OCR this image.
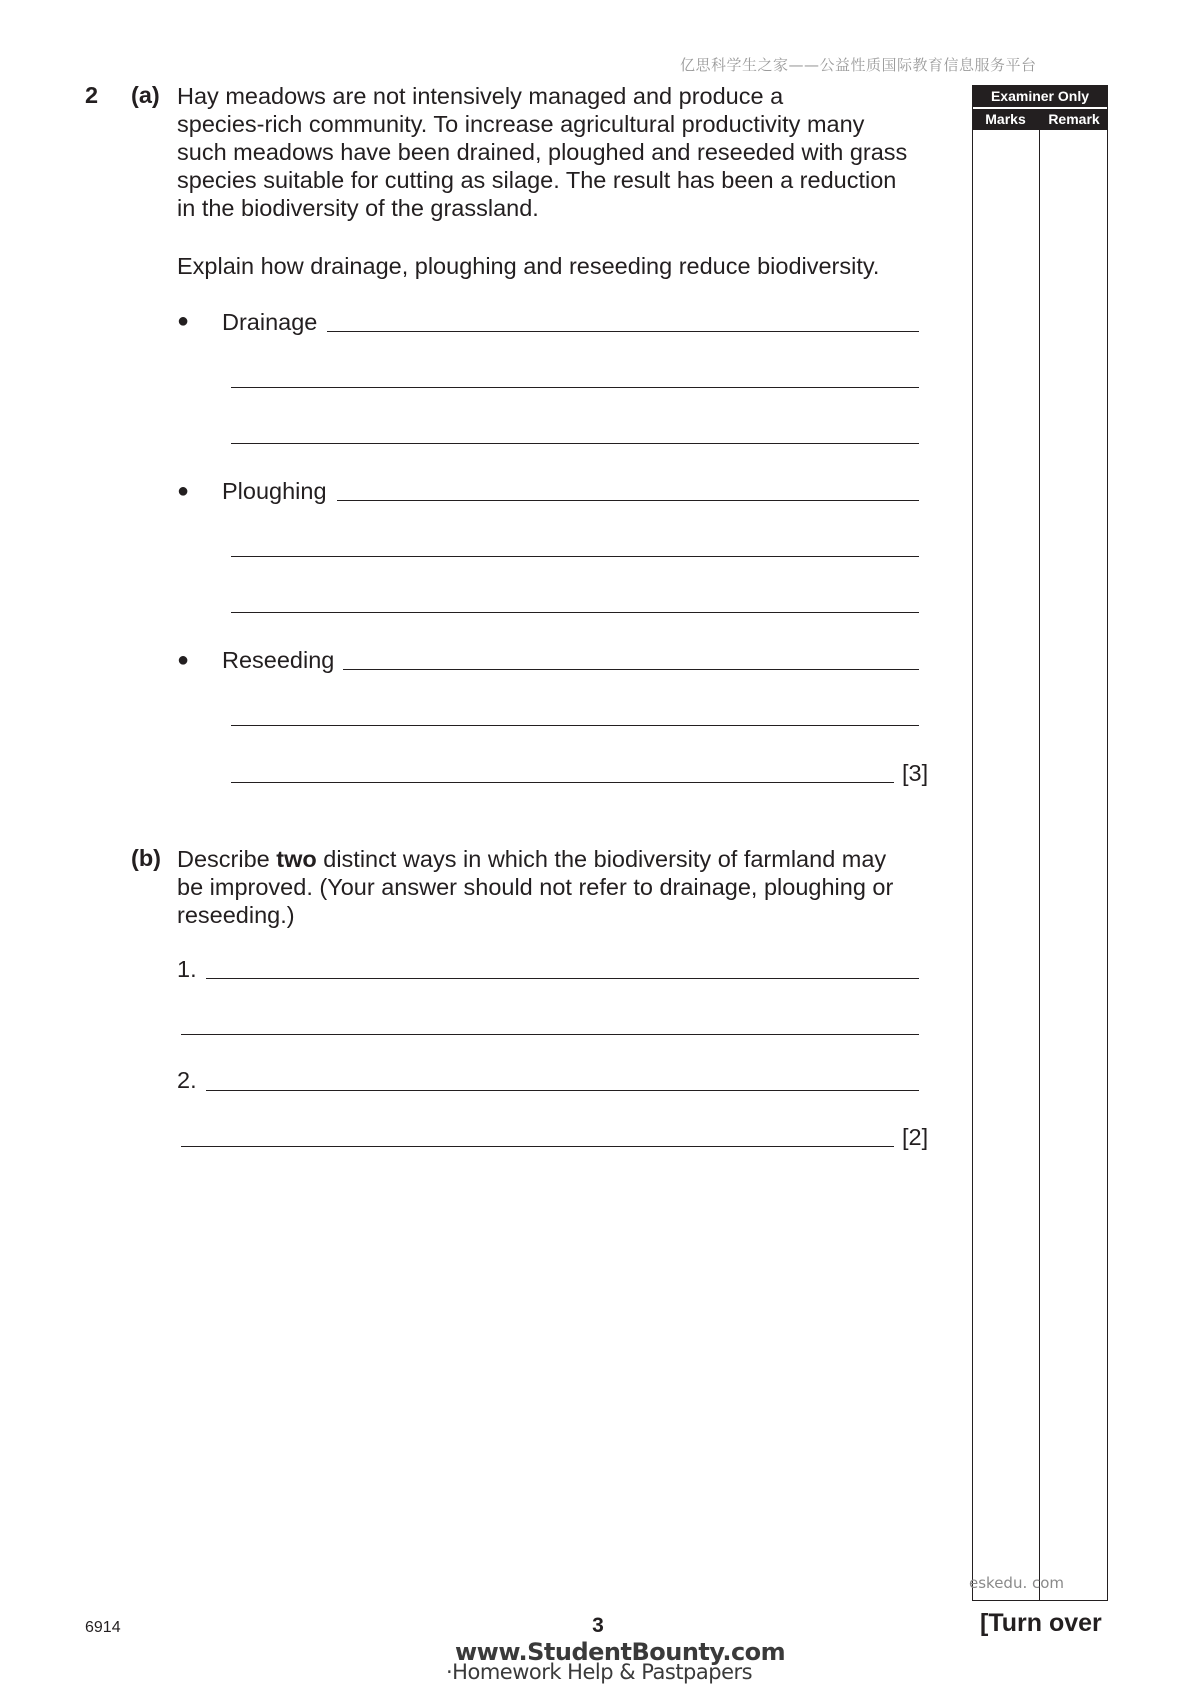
亿思科学生之家——公益性质国际教育信息服务平台
2 (a) Hay meadows are not intensively managed and produce a
species-rich community. To increase agricultural productivity many
such meadows have been drained, ploughed and reseeded with grass
species suitable for cutting as silage. The result has been a reduction
in the biodiversity of the grassland.
Explain how drainage, ploughing and reseeding reduce biodiversity.
● Drainage
● Ploughing
● Reseeding
[3]
(b) Describe two distinct ways in which the biodiversity of farmland may
be improved. (Your answer should not refer to drainage, ploughing or
reseeding.)
1.
2.
[2]
Examiner Only
Marks	Remark
eskedu. com
6914	3	[Turn over
www.StudentBounty.com
·Homework Help & Pastpapers
